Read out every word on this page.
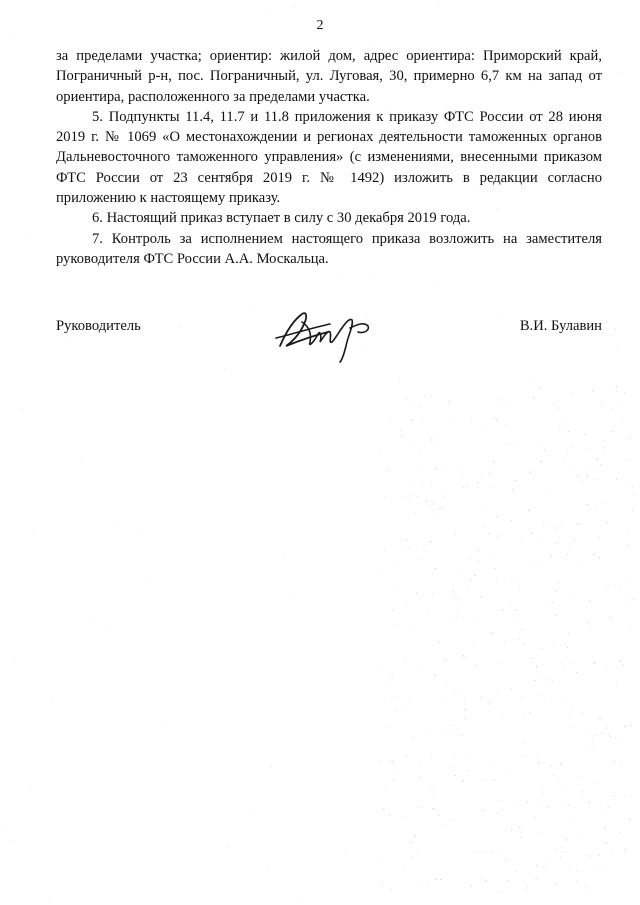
2

за пределами участка; ориентир: жилой дом, адрес ориентира: Приморский край, Пограничный р-н, пос. Пограничный, ул. Луговая, 30, примерно 6,7 км на запад от ориентира, расположенного за пределами участка.

5. Подпункты 11.4, 11.7 и 11.8 приложения к приказу ФТС России от 28 июня 2019 г. № 1069 «О местонахождении и регионах деятельности таможенных органов Дальневосточного таможенного управления» (с изменениями, внесенными приказом ФТС России от 23 сентября 2019 г. № 1492) изложить в редакции согласно приложению к настоящему приказу.

6. Настоящий приказ вступает в силу с 30 декабря 2019 года.

7. Контроль за исполнением настоящего приказа возложить на заместителя руководителя ФТС России А.А. Москальца.

Руководитель	В.И. Булавин
